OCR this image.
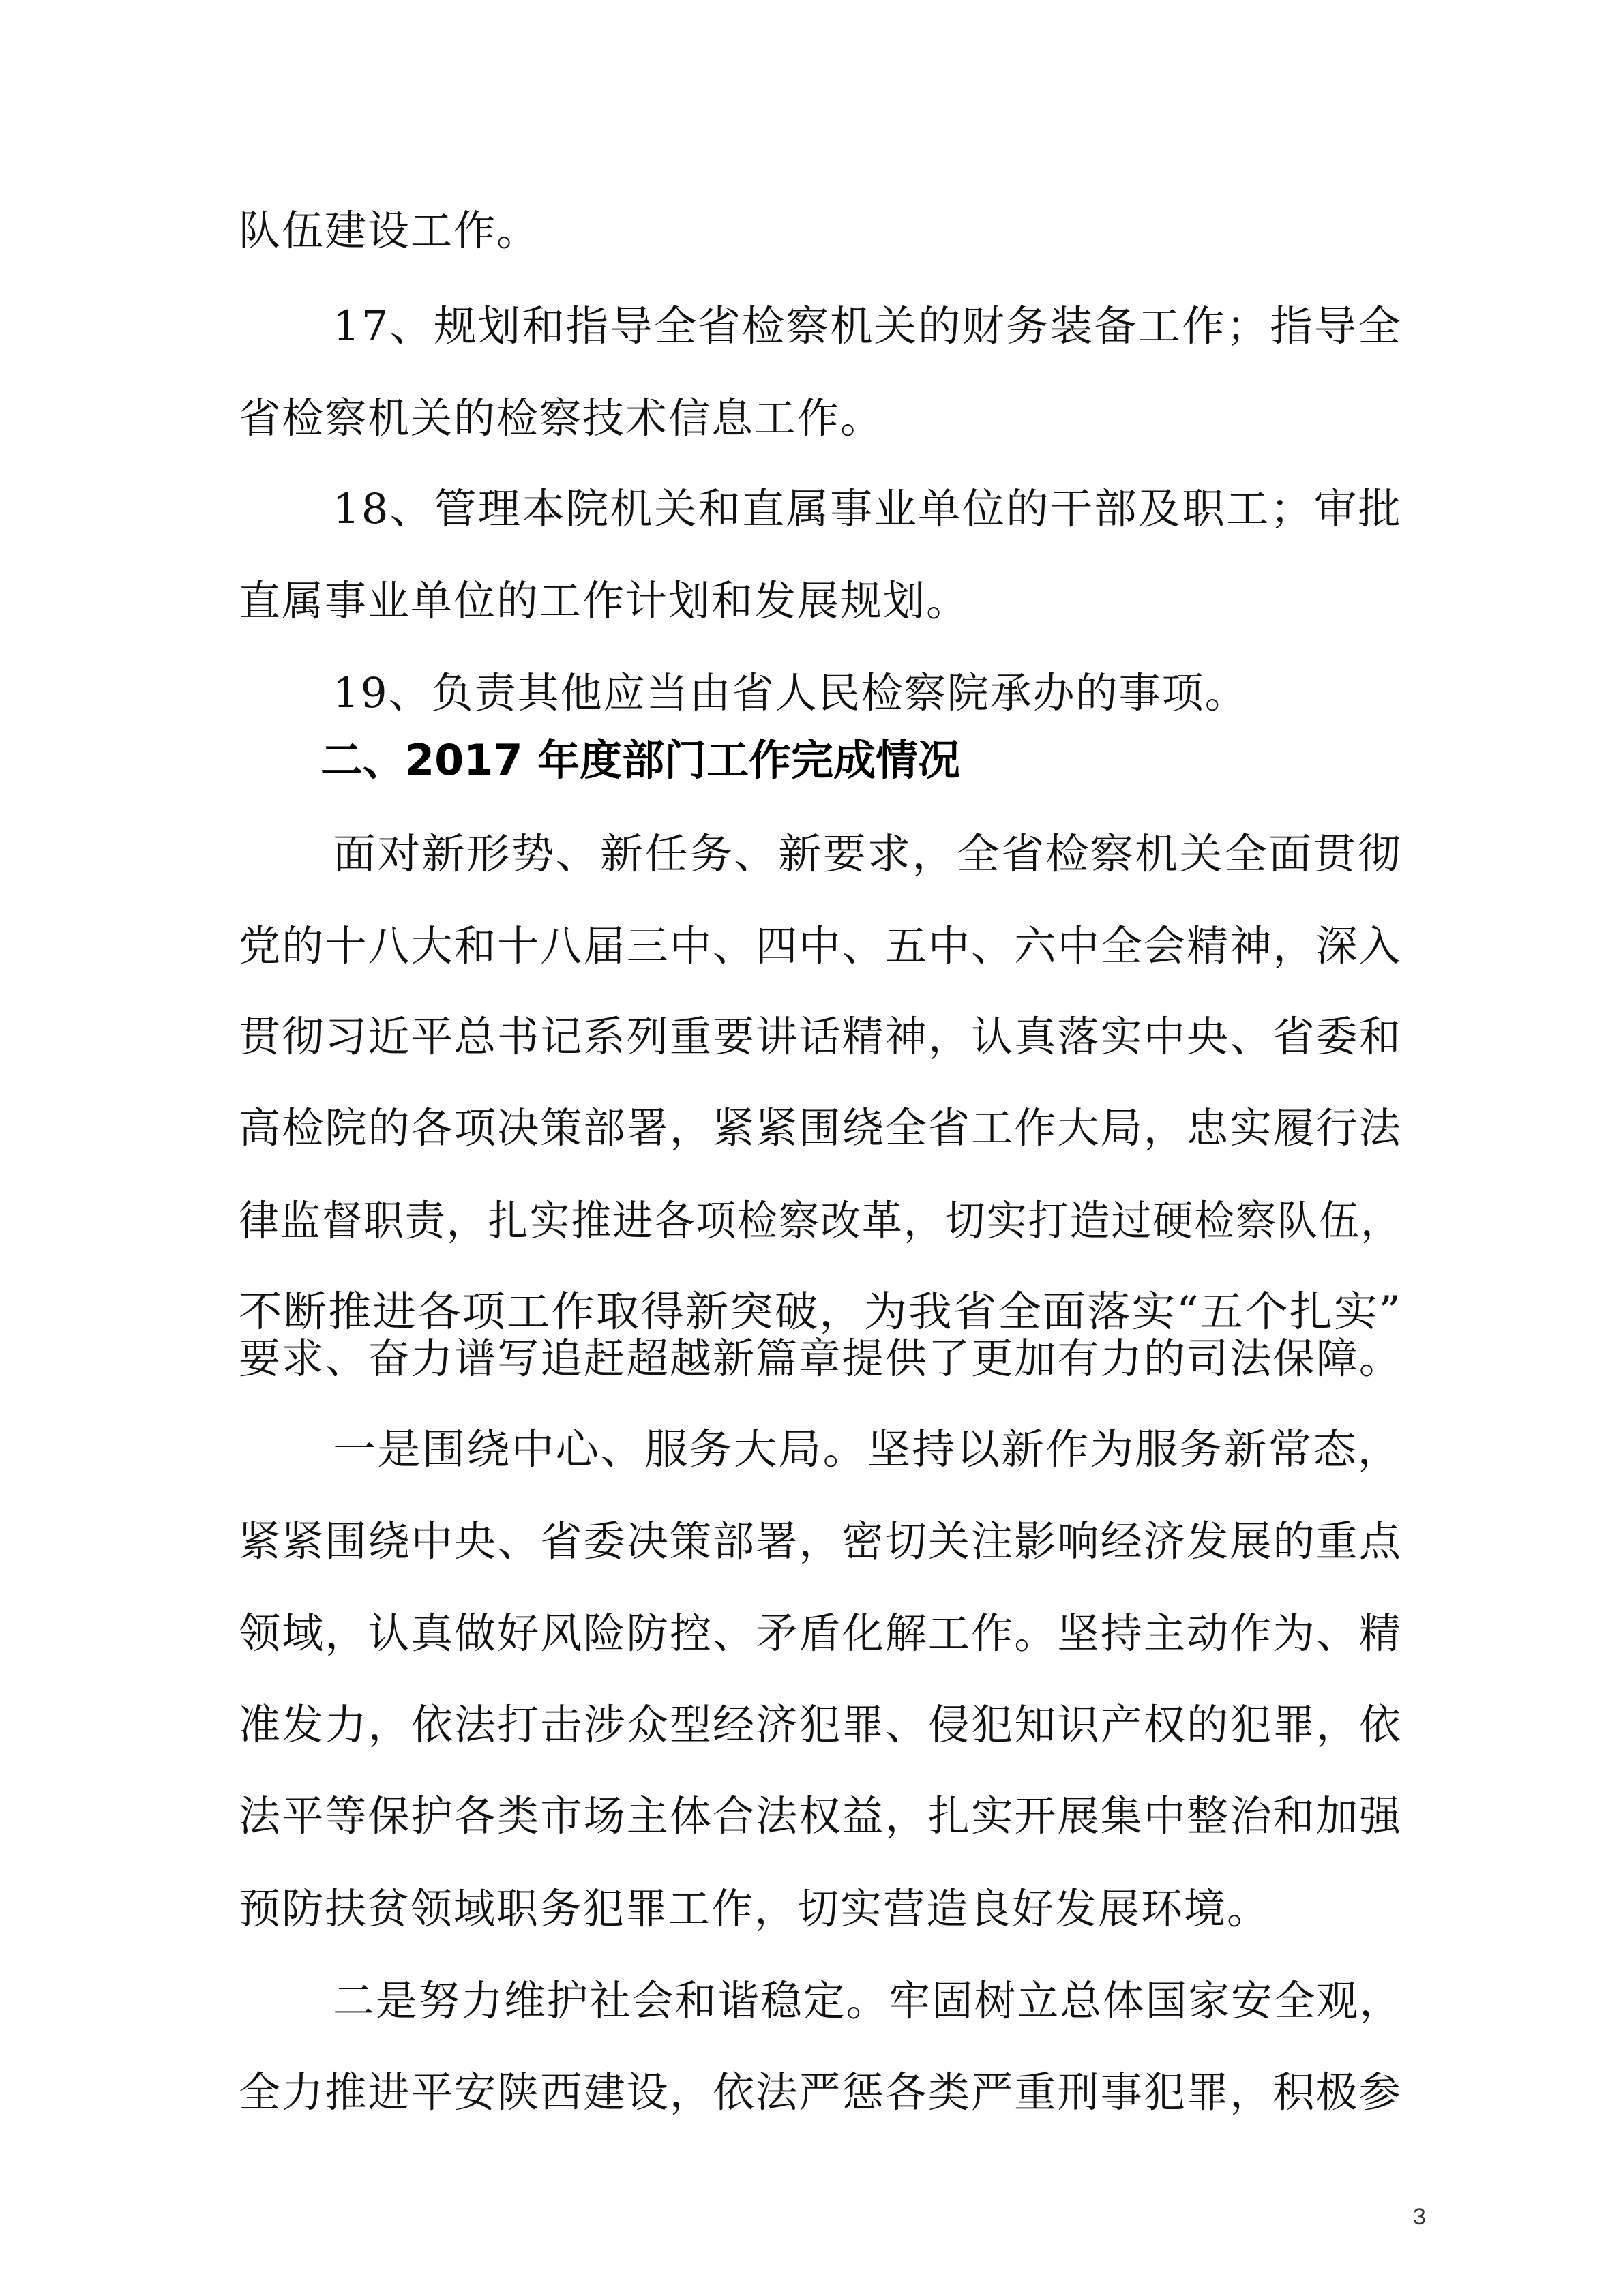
队伍建设工作。
17、规划和指导全省检察机关的财务装备工作；指导全
省检察机关的检察技术信息工作。
18、管理本院机关和直属事业单位的干部及职工；审批
直属事业单位的工作计划和发展规划。
19、负责其他应当由省人民检察院承办的事项。
二、2017 年度部门工作完成情况
面对新形势、新任务、新要求，全省检察机关全面贯彻
党的十八大和十八届三中、四中、五中、六中全会精神，深入
贯彻习近平总书记系列重要讲话精神，认真落实中央、省委和
高检院的各项决策部署，紧紧围绕全省工作大局，忠实履行法
律监督职责，扎实推进各项检察改革，切实打造过硬检察队伍，
不断推进各项工作取得新突破，为我省全面落实“五个扎实”
要求、奋力谱写追赶超越新篇章提供了更加有力的司法保障。
一是围绕中心、服务大局。坚持以新作为服务新常态，
紧紧围绕中央、省委决策部署，密切关注影响经济发展的重点
领域，认真做好风险防控、矛盾化解工作。坚持主动作为、精
准发力，依法打击涉众型经济犯罪、侵犯知识产权的犯罪，依
法平等保护各类市场主体合法权益，扎实开展集中整治和加强
预防扶贫领域职务犯罪工作，切实营造良好发展环境。
二是努力维护社会和谐稳定。牢固树立总体国家安全观，
全力推进平安陕西建设，依法严惩各类严重刑事犯罪，积极参
3
